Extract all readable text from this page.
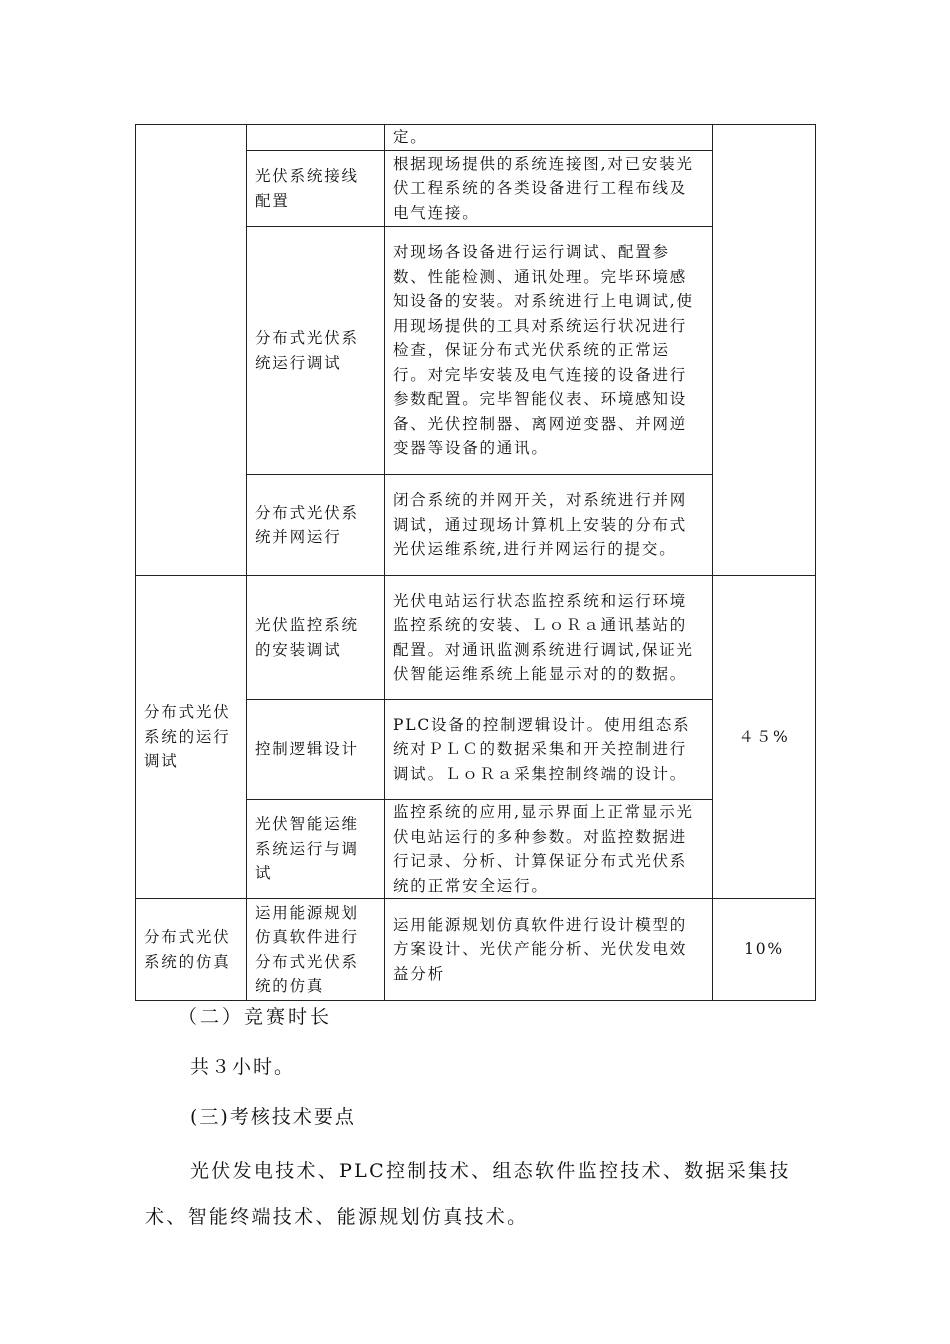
		定。	
	光伏系统接线配置	根据现场提供的系统连接图,对已安装光伏工程系统的各类设备进行工程布线及电气连接。	
	分布式光伏系统运行调试	对现场各设备进行运行调试、配置参数、性能检测、通讯处理。完毕环境感知设备的安装。对系统进行上电调试,使用现场提供的工具对系统运行状况进行检查，保证分布式光伏系统的正常运行。对完毕安装及电气连接的设备进行参数配置。完毕智能仪表、环境感知设备、光伏控制器、离网逆变器、并网逆变器等设备的通讯。	
	分布式光伏系统并网运行	闭合系统的并网开关，对系统进行并网调试，通过现场计算机上安装的分布式光伏运维系统,进行并网运行的提交。	
分布式光伏系统的运行调试	光伏监控系统的安装调试	光伏电站运行状态监控系统和运行环境监控系统的安装、ＬｏＲａ通讯基站的配置。对通讯监测系统进行调试,保证光伏智能运维系统上能显示对的的数据。	４５%
	控制逻辑设计	PLC设备的控制逻辑设计。使用组态系统对ＰＬＣ的数据采集和开关控制进行调试。ＬｏＲａ采集控制终端的设计。	
	光伏智能运维系统运行与调试	监控系统的应用,显示界面上正常显示光伏电站运行的多种参数。对监控数据进行记录、分析、计算保证分布式光伏系统的正常安全运行。	
分布式光伏系统的仿真	运用能源规划仿真软件进行分布式光伏系统的仿真	运用能源规划仿真软件进行设计模型的方案设计、光伏产能分析、光伏发电效益分析	10%

（二）竞赛时长

共３小时。

(三)考核技术要点

光伏发电技术、PLC控制技术、组态软件监控技术、数据采集技术、智能终端技术、能源规划仿真技术。
